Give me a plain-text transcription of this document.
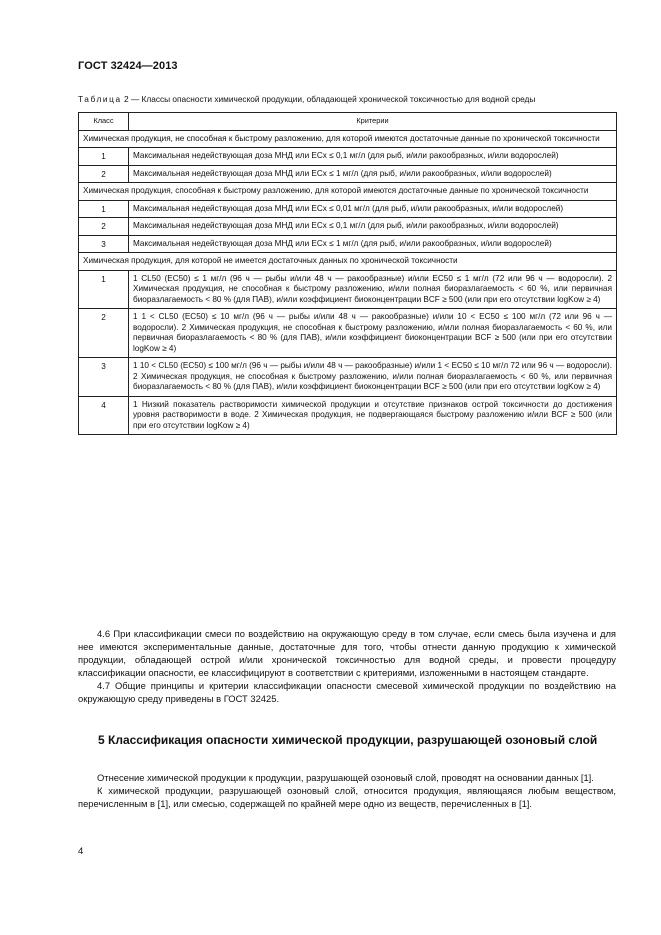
ГОСТ 32424—2013
Таблица 2 — Классы опасности химической продукции, обладающей хронической токсичностью для водной среды
Класс	Критерии
Химическая продукция, не способная к быстрому разложению, для которой имеются достаточные данные по хронической токсичности	
1	Максимальная недействующая доза МНД или ECx ≤ 0,1 мг/л (для рыб, и/или ракообразных, и/или водорослей)
2	Максимальная недействующая доза МНД или ECx ≤ 1 мг/л (для рыб, и/или ракообразных, и/или водорослей)
Химическая продукция, способная к быстрому разложению, для которой имеются достаточные данные по хронической токсичности	
1	Максимальная недействующая доза МНД или ECx ≤ 0,01 мг/л (для рыб, и/или ракообразных, и/или водорослей)
2	Максимальная недействующая доза МНД или ECx ≤ 0,1 мг/л (для рыб, и/или ракообразных, и/или водорослей)
3	Максимальная недействующая доза МНД или ECx ≤ 1 мг/л (для рыб, и/или ракообразных, и/или водорослей)
Химическая продукция, для которой не имеется достаточных данных по хронической токсичности	
1	1 CL50 (EC50) ≤ 1 мг/л (96 ч — рыбы и/или 48 ч — ракообразные) и/или EC50 ≤ 1 мг/л (72 или 96 ч — водоросли). 2 Химическая продукция, не способная к быстрому разложению, и/или полная биоразлагаемость < 60 %, или первичная биоразлагаемость < 80 % (для ПАВ), и/или коэффициент биоконцентрации BCF ≥ 500 (или при его отсутствии logKow ≥ 4)
2	1 1 < CL50 (EC50) ≤ 10 мг/л (96 ч — рыбы и/или 48 ч — ракообразные) и/или 10 < EC50 ≤ 100 мг/л (72 или 96 ч — водоросли). 2 Химическая продукция, не способная к быстрому разложению, и/или полная биоразлагаемость < 60 %, или первичная биоразлагаемость < 80 % (для ПАВ), и/или коэффициент биоконцентрации BCF ≥ 500 (или при его отсутствии logKow ≥ 4)
3	1 10 < CL50 (EC50) ≤ 100 мг/л (96 ч — рыбы и/или 48 ч — ракообразные) и/или 1 < EC50 ≤ 10 мг/л 72 или 96 ч — водоросли). 2 Химическая продукция, не способная к быстрому разложению, и/или полная биоразлагаемость < 60 %, или первичная биоразлагаемость < 80 % (для ПАВ), и/или коэффициент биоконцентрации BCF ≥ 500 (или при его отсутствии logKow ≥ 4)
4	1 Низкий показатель растворимости химической продукции и отсутствие признаков острой токсичности до достижения уровня растворимости в воде. 2 Химическая продукция, не подвергающаяся быстрому разложению и/или BCF ≥ 500 (или при его отсутствии logKow ≥ 4)

4.6 При классификации смеси по воздействию на окружающую среду в том случае, если смесь была изучена и для нее имеются экспериментальные данные, достаточные для того, чтобы отнести данную продукцию к химической продукции, обладающей острой и/или хронической токсичностью для водной среды, и провести процедуру классификации опасности, ее классифицируют в соответствии с критериями, изложенными в настоящем стандарте.

4.7 Общие принципы и критерии классификации опасности смесевой химической продукции по воздействию на окружающую среду приведены в ГОСТ 32425.

5 Классификация опасности химической продукции, разрушающей озоновый слой

Отнесение химической продукции к продукции, разрушающей озоновый слой, проводят на основании данных [1].

К химической продукции, разрушающей озоновый слой, относится продукция, являющаяся любым веществом, перечисленным в [1], или смесью, содержащей по крайней мере одно из веществ, перечисленных в [1].

4
